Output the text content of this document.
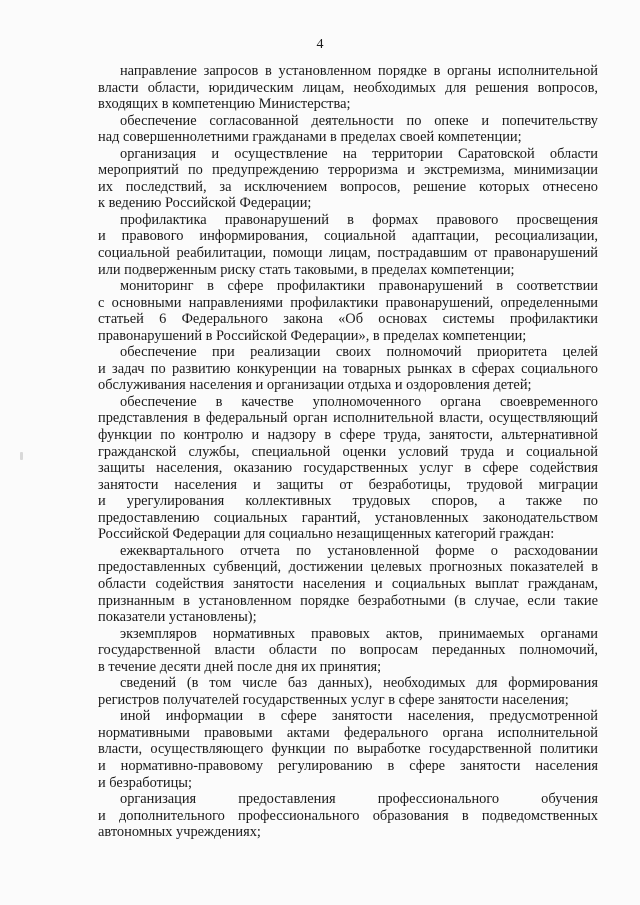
4
направление запросов в установленном порядке в органы исполнительной
власти области, юридическим лицам, необходимых для решения вопросов,
входящих в компетенцию Министерства;
обеспечение согласованной деятельности по опеке и попечительству
над совершеннолетними гражданами в пределах своей компетенции;
организация и осуществление на территории Саратовской области
мероприятий по предупреждению терроризма и экстремизма, минимизации
их последствий, за исключением вопросов, решение которых отнесено
к ведению Российской Федерации;
профилактика правонарушений в формах правового просвещения
и правового информирования, социальной адаптации, ресоциализации,
социальной реабилитации, помощи лицам, пострадавшим от правонарушений
или подверженным риску стать таковыми, в пределах компетенции;
мониторинг в сфере профилактики правонарушений в соответствии
с основными направлениями профилактики правонарушений, определенными
статьей 6 Федерального закона «Об основах системы профилактики
правонарушений в Российской Федерации», в пределах компетенции;
обеспечение при реализации своих полномочий приоритета целей
и задач по развитию конкуренции на товарных рынках в сферах социального
обслуживания населения и организации отдыха и оздоровления детей;
обеспечение в качестве уполномоченного органа своевременного
представления в федеральный орган исполнительной власти, осуществляющий
функции по контролю и надзору в сфере труда, занятости, альтернативной
гражданской службы, специальной оценки условий труда и социальной
защиты населения, оказанию государственных услуг в сфере содействия
занятости населения и защиты от безработицы, трудовой миграции
и урегулирования коллективных трудовых споров, а также по
предоставлению социальных гарантий, установленных законодательством
Российской Федерации для социально незащищенных категорий граждан:
ежеквартального отчета по установленной форме о расходовании
предоставленных субвенций, достижении целевых прогнозных показателей в
области содействия занятости населения и социальных выплат гражданам,
признанным в установленном порядке безработными (в случае, если такие
показатели установлены);
экземпляров нормативных правовых актов, принимаемых органами
государственной власти области по вопросам переданных полномочий,
в течение десяти дней после дня их принятия;
сведений (в том числе баз данных), необходимых для формирования
регистров получателей государственных услуг в сфере занятости населения;
иной информации в сфере занятости населения, предусмотренной
нормативными правовыми актами федерального органа исполнительной
власти, осуществляющего функции по выработке государственной политики
и нормативно-правовому регулированию в сфере занятости населения
и безработицы;
организация предоставления профессионального обучения
и дополнительного профессионального образования в подведомственных
автономных учреждениях;
